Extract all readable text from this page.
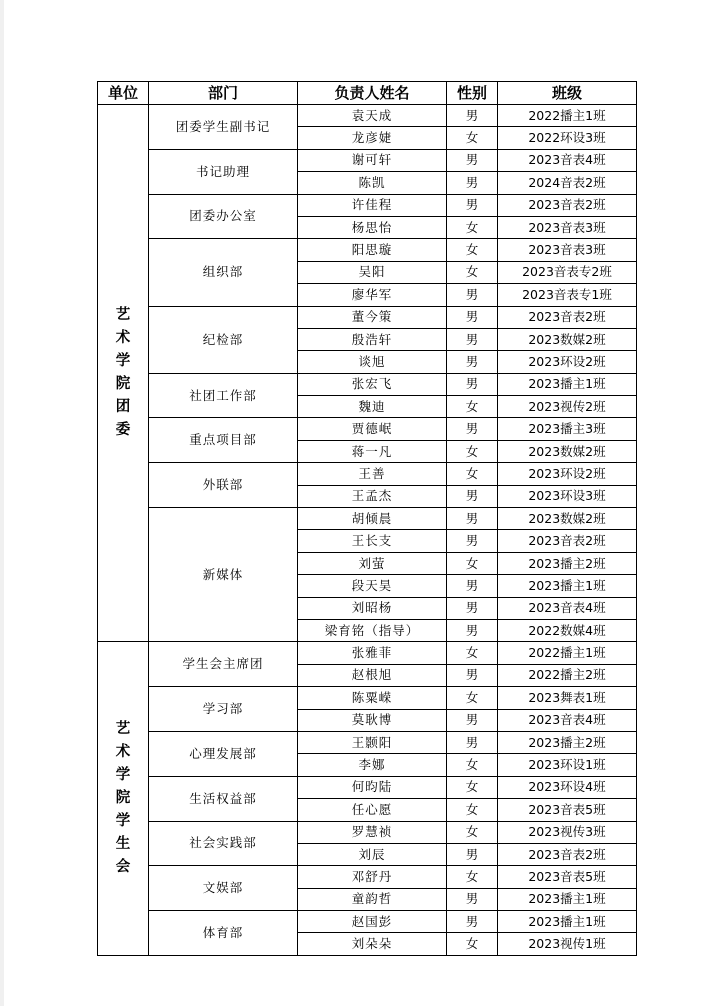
单位	部门	负责人姓名	性别	班级

艺术学院团委	团委学生副书记	袁天成	男	2022播主1班
		龙彦婕	女	2022环设3班
	书记助理	谢可轩	男	2023音表4班
		陈凯	男	2024音表2班
	团委办公室	许佳程	男	2023音表2班
		杨思怡	女	2023音表3班
	组织部	阳思璇	女	2023音表3班
		吴阳	女	2023音表专2班
		廖华军	男	2023音表专1班
	纪检部	董今策	男	2023音表2班
		殷浩轩	男	2023数媒2班
		谈旭	男	2023环设2班
	社团工作部	张宏飞	男	2023播主1班
		魏迪	女	2023视传2班
	重点项目部	贾德岷	男	2023播主3班
		蒋一凡	女	2023数媒2班
	外联部	王善	女	2023环设2班
		王孟杰	男	2023环设3班
	新媒体	胡倾晨	男	2023数媒2班
		王长支	男	2023音表2班
		刘萤	女	2023播主2班
		段天昊	男	2023播主1班
		刘昭杨	男	2023音表4班
		梁育铭（指导）	男	2022数媒4班

艺术学院学生会	学生会主席团	张雅菲	女	2022播主1班
		赵根旭	男	2022播主2班
	学习部	陈粟嵘	女	2023舞表1班
		莫耿博	男	2023音表4班
	心理发展部	王颢阳	男	2023播主2班
		李娜	女	2023环设1班
	生活权益部	何昀陆	女	2023环设4班
		任心愿	女	2023音表5班
	社会实践部	罗慧祯	女	2023视传3班
		刘辰	男	2023音表2班
	文娱部	邓舒丹	女	2023音表5班
		童韵哲	男	2023播主1班
	体育部	赵国彭	男	2023播主1班
		刘朵朵	女	2023视传1班
